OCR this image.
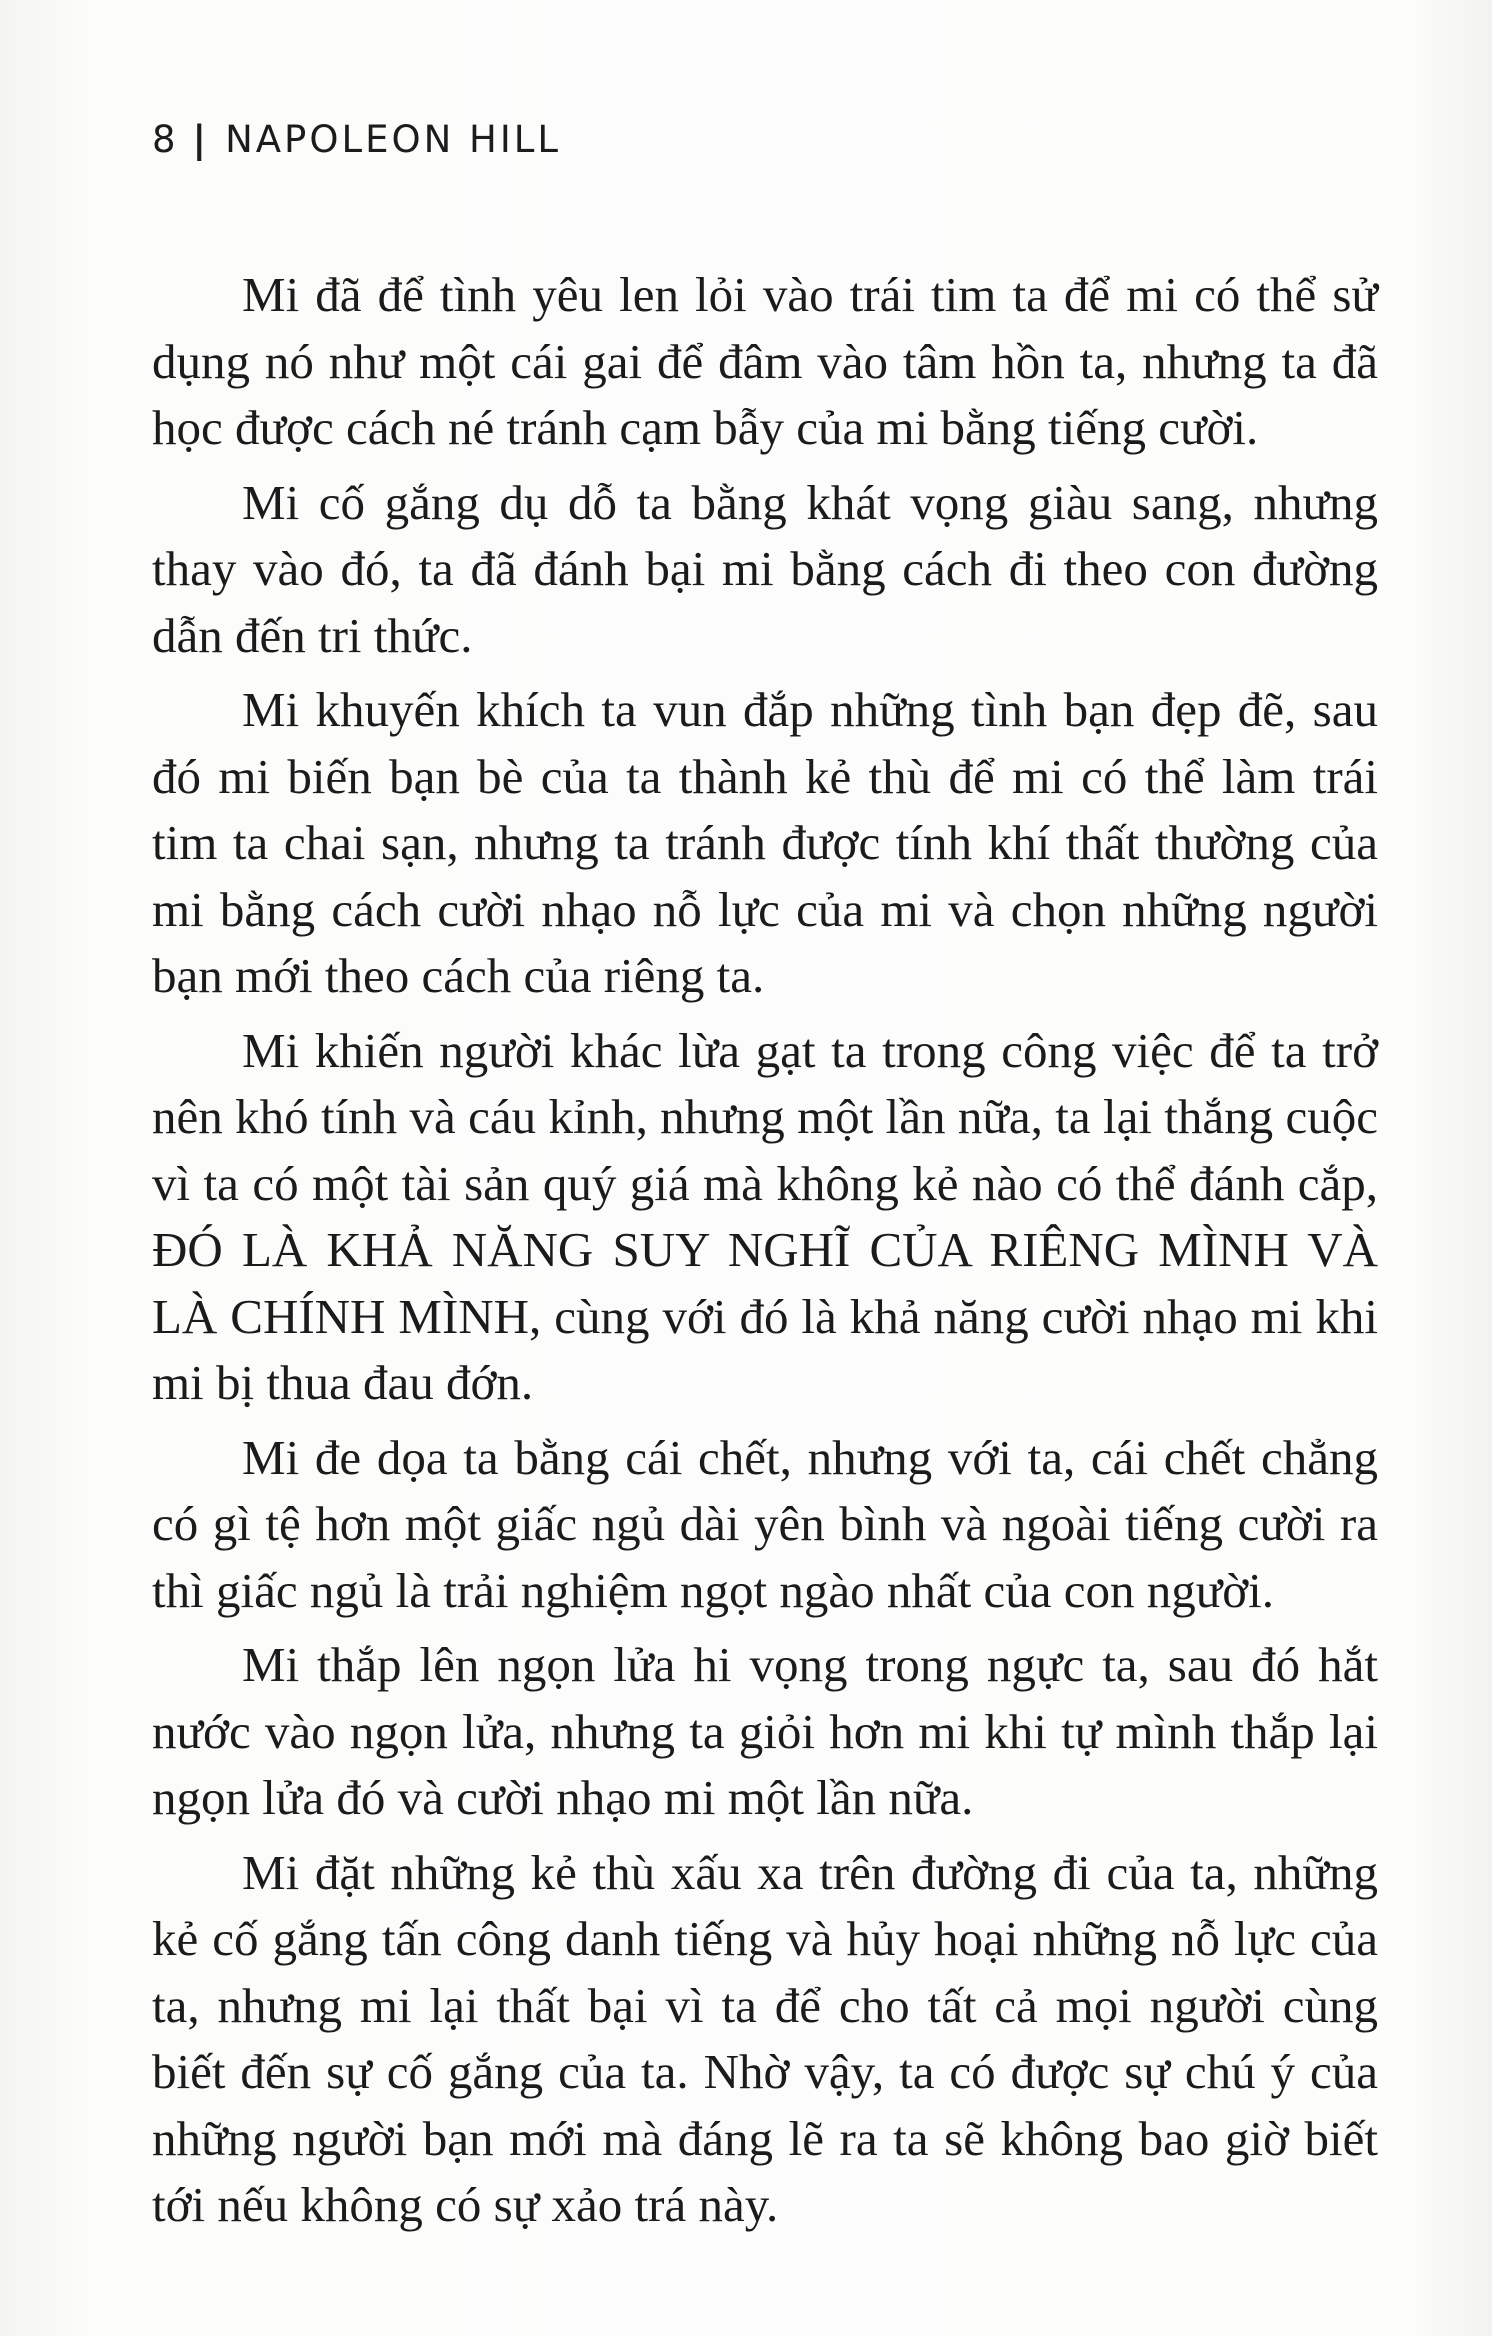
8 | NAPOLEON HILL

Mi đã để tình yêu len lỏi vào trái tim ta để mi có thể sử dụng nó như một cái gai để đâm vào tâm hồn ta, nhưng ta đã học được cách né tránh cạm bẫy của mi bằng tiếng cười.

Mi cố gắng dụ dỗ ta bằng khát vọng giàu sang, nhưng thay vào đó, ta đã đánh bại mi bằng cách đi theo con đường dẫn đến tri thức.

Mi khuyến khích ta vun đắp những tình bạn đẹp đẽ, sau đó mi biến bạn bè của ta thành kẻ thù để mi có thể làm trái tim ta chai sạn, nhưng ta tránh được tính khí thất thường của mi bằng cách cười nhạo nỗ lực của mi và chọn những người bạn mới theo cách của riêng ta.

Mi khiến người khác lừa gạt ta trong công việc để ta trở nên khó tính và cáu kỉnh, nhưng một lần nữa, ta lại thắng cuộc vì ta có một tài sản quý giá mà không kẻ nào có thể đánh cắp, ĐÓ LÀ KHẢ NĂNG SUY NGHĨ CỦA RIÊNG MÌNH VÀ LÀ CHÍNH MÌNH, cùng với đó là khả năng cười nhạo mi khi mi bị thua đau đớn.

Mi đe dọa ta bằng cái chết, nhưng với ta, cái chết chẳng có gì tệ hơn một giấc ngủ dài yên bình và ngoài tiếng cười ra thì giấc ngủ là trải nghiệm ngọt ngào nhất của con người.

Mi thắp lên ngọn lửa hi vọng trong ngực ta, sau đó hắt nước vào ngọn lửa, nhưng ta giỏi hơn mi khi tự mình thắp lại ngọn lửa đó và cười nhạo mi một lần nữa.

Mi đặt những kẻ thù xấu xa trên đường đi của ta, những kẻ cố gắng tấn công danh tiếng và hủy hoại những nỗ lực của ta, nhưng mi lại thất bại vì ta để cho tất cả mọi người cùng biết đến sự cố gắng của ta. Nhờ vậy, ta có được sự chú ý của những người bạn mới mà đáng lẽ ra ta sẽ không bao giờ biết tới nếu không có sự xảo trá này.
